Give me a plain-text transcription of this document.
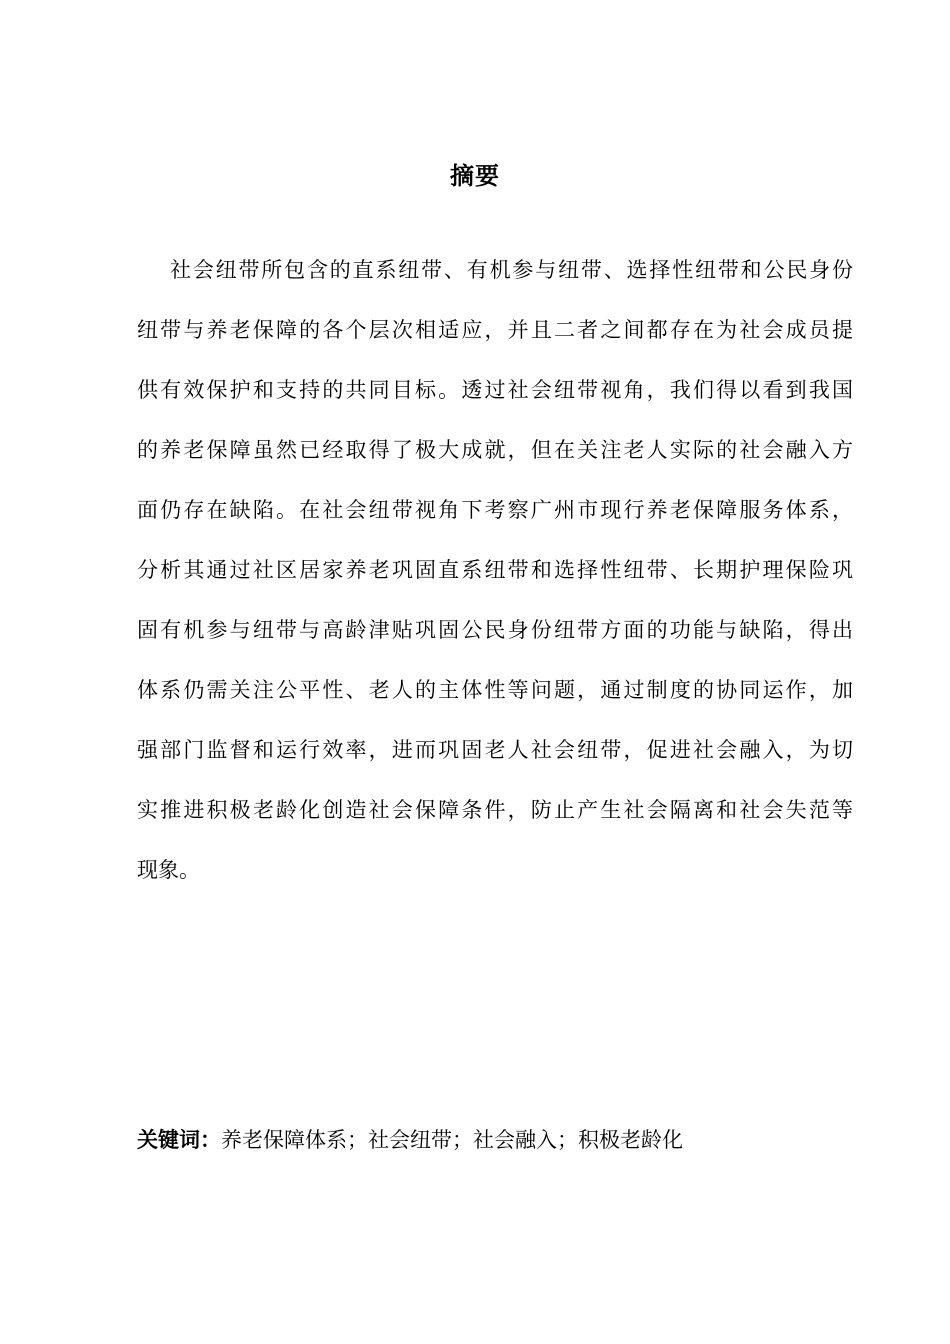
摘要
社会纽带所包含的直系纽带、有机参与纽带、选择性纽带和公民身份
纽带与养老保障的各个层次相适应，并且二者之间都存在为社会成员提
供有效保护和支持的共同目标。透过社会纽带视角，我们得以看到我国
的养老保障虽然已经取得了极大成就，但在关注老人实际的社会融入方
面仍存在缺陷。在社会纽带视角下考察广州市现行养老保障服务体系，
分析其通过社区居家养老巩固直系纽带和选择性纽带、长期护理保险巩
固有机参与纽带与高龄津贴巩固公民身份纽带方面的功能与缺陷，得出
体系仍需关注公平性、老人的主体性等问题，通过制度的协同运作，加
强部门监督和运行效率，进而巩固老人社会纽带，促进社会融入，为切
实推进积极老龄化创造社会保障条件，防止产生社会隔离和社会失范等
现象。

关键词：养老保障体系；社会纽带；社会融入；积极老龄化
